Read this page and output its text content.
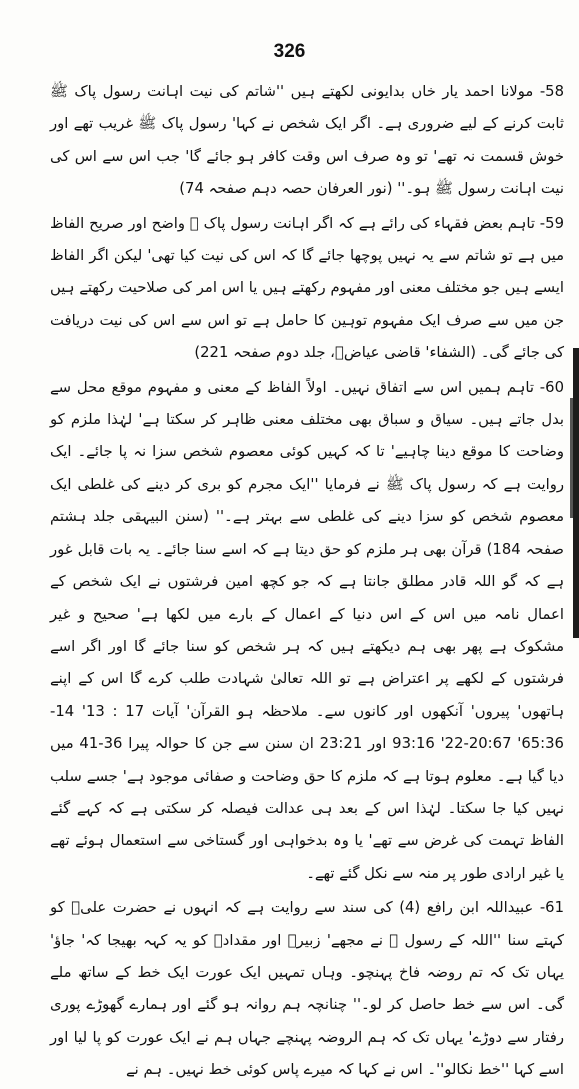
326

58- مولانا احمد یار خاں بدایونی لکھتے ہیں ''شاتم کی نیت اہانت رسول پاک ﷺ ثابت کرنے کے لیے ضروری ہے۔ اگر ایک شخص نے کہا' رسول پاک ﷺ غریب تھے اور خوش قسمت نہ تھے' تو وہ صرف اس وقت کافر ہو جائے گا' جب اس سے اس کی نیت اہانت رسول ﷺ ہو۔'' (نور العرفان حصہ دہم صفحہ 74)

59- تاہم بعض فقہاء کی رائے ہے کہ اگر اہانت رسول پاک ﷺ واضح اور صریح الفاظ میں ہے تو شاتم سے یہ نہیں پوچھا جائے گا کہ اس کی نیت کیا تھی' لیکن اگر الفاظ ایسے ہیں جو مختلف معنی اور مفہوم رکھتے ہیں یا اس امر کی صلاحیت رکھتے ہیں جن میں سے صرف ایک مفہوم توہین کا حامل ہے تو اس سے اس کی نیت دریافت کی جائے گی۔ (الشفاء' قاضی عیاضؒ، جلد دوم صفحہ 221)

60- تاہم ہمیں اس سے اتفاق نہیں۔ اولاً الفاظ کے معنی و مفہوم موقع محل سے بدل جاتے ہیں۔ سیاق و سباق بھی مختلف معنی ظاہر کر سکتا ہے' لہٰذا ملزم کو وضاحت کا موقع دینا چاہیے' تا کہ کہیں کوئی معصوم شخص سزا نہ پا جائے۔ ایک روایت ہے کہ رسول پاک ﷺ نے فرمایا ''ایک مجرم کو بری کر دینے کی غلطی ایک معصوم شخص کو سزا دینے کی غلطی سے بہتر ہے۔'' (سنن البیہقی جلد ہشتم صفحہ 184) قرآن بھی ہر ملزم کو حق دیتا ہے کہ اسے سنا جائے۔ یہ بات قابل غور ہے کہ گو اللہ قادر مطلق جانتا ہے کہ جو کچھ امین فرشتوں نے ایک شخص کے اعمال نامہ میں اس کے اس دنیا کے اعمال کے بارے میں لکھا ہے' صحیح و غیر مشکوک ہے پھر بھی ہم دیکھتے ہیں کہ ہر شخص کو سنا جائے گا اور اگر اسے فرشتوں کے لکھے پر اعتراض ہے تو اللہ تعالیٰ شہادت طلب کرے گا اس کے اپنے ہاتھوں' پیروں' آنکھوں اور کانوں سے۔ ملاحظہ ہو القرآن' آیات 17 : 13' 14-65:36' 20:67-22' 93:16 اور 23:21 ان سنن سے جن کا حوالہ پیرا 36-41 میں دیا گیا ہے۔ معلوم ہوتا ہے کہ ملزم کا حق وضاحت و صفائی موجود ہے' جسے سلب نہیں کیا جا سکتا۔ لہٰذا اس کے بعد ہی عدالت فیصلہ کر سکتی ہے کہ کہے گئے الفاظ تہمت کی غرض سے تھے' یا وہ بدخواہی اور گستاخی سے استعمال ہوئے تھے یا غیر ارادی طور پر منہ سے نکل گئے تھے۔

61- عبیداللہ ابن رافع (4) کی سند سے روایت ہے کہ انہوں نے حضرت علیؓ کو کہتے سنا ''اللہ کے رسول ﷺ نے مجھے' زبیرؓ اور مقدادؓ کو یہ کہہ بھیجا کہ' جاؤ' یہاں تک کہ تم روضہ فاخ پہنچو۔ وہاں تمہیں ایک عورت ایک خط کے ساتھ ملے گی۔ اس سے خط حاصل کر لو۔'' چنانچہ ہم روانہ ہو گئے اور ہمارے گھوڑے پوری رفتار سے دوڑے' یہاں تک کہ ہم الروضہ پہنچے جہاں ہم نے ایک عورت کو پا لیا اور اسے کہا ''خط نکالو''۔ اس نے کہا کہ میرے پاس کوئی خط نہیں۔ ہم نے
